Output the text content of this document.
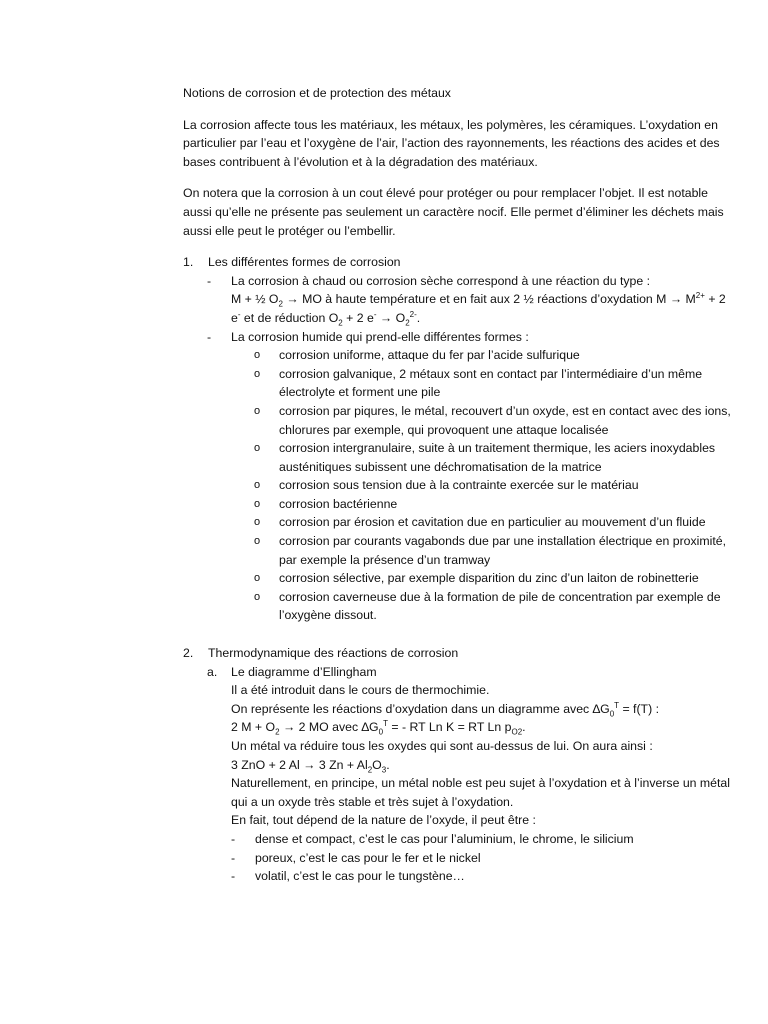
Notions de corrosion et de protection des métaux

La corrosion affecte tous les matériaux, les métaux, les polymères, les céramiques. L’oxydation en particulier par l’eau et l’oxygène de l’air, l’action des rayonnements, les réactions des acides et des bases contribuent à l’évolution et à la dégradation des matériaux.

On notera que la corrosion à un cout élevé pour protéger ou pour remplacer l’objet. Il est notable aussi qu’elle ne présente pas seulement un caractère nocif. Elle permet d’éliminer les déchets mais aussi elle peut le protéger ou l’embellir.

1.	Les différentes formes de corrosion
- La corrosion à chaud ou corrosion sèche correspond à une réaction du type :
M + ½ $O_2$ → MO à haute température et en fait aux 2 ½ réactions d’oxydation $M \to M^{2+} + 2$ e- et de réduction $O_2 + 2$ $e^- \to O_2^{2-}$.
- La corrosion humide qui prend-elle différentes formes :
o corrosion uniforme, attaque du fer par l’acide sulfurique
o corrosion galvanique, 2 métaux sont en contact par l’intermédiaire d’un même électrolyte et forment une pile
o corrosion par piqures, le métal, recouvert d’un oxyde, est en contact avec des ions, chlorures par exemple, qui provoquent une attaque localisée
o corrosion intergranulaire, suite à un traitement thermique, les aciers inoxydables austénitiques subissent une déchromatisation de la matrice
o corrosion sous tension due à la contrainte exercée sur le matériau
o corrosion bactérienne
o corrosion par érosion et cavitation due en particulier au mouvement d’un fluide
o corrosion par courants vagabonds due par une installation électrique en proximité, par exemple la présence d’un tramway
o corrosion sélective, par exemple disparition du zinc d’un laiton de robinetterie
o corrosion caverneuse due à la formation de pile de concentration par exemple de l’oxygène dissout.
2.	Thermodynamique des réactions de corrosion
a.	Le diagramme d’Ellingham
Il a été introduit dans le cours de thermochimie.
On représente les réactions d’oxydation dans un diagramme avec $\Delta G_0^T = f(T)$ :
2 $M + O_2 \to 2$ MO avec $\Delta G_0^T$ = - RT Ln K = RT Ln $p_{O2}$.
Un métal va réduire tous les oxydes qui sont au-dessus de lui. On aura ainsi :
3 ZnO + 2 Al → 3 $Zn + Al_2O_3$.
Naturellement, en principe, un métal noble est peu sujet à l’oxydation et à l’inverse un métal qui a un oxyde très stable et très sujet à l’oxydation.
En fait, tout dépend de la nature de l’oxyde, il peut être :
- dense et compact, c’est le cas pour l’aluminium, le chrome, le silicium
- poreux, c’est le cas pour le fer et le nickel
- volatil, c’est le cas pour le tungstène…
